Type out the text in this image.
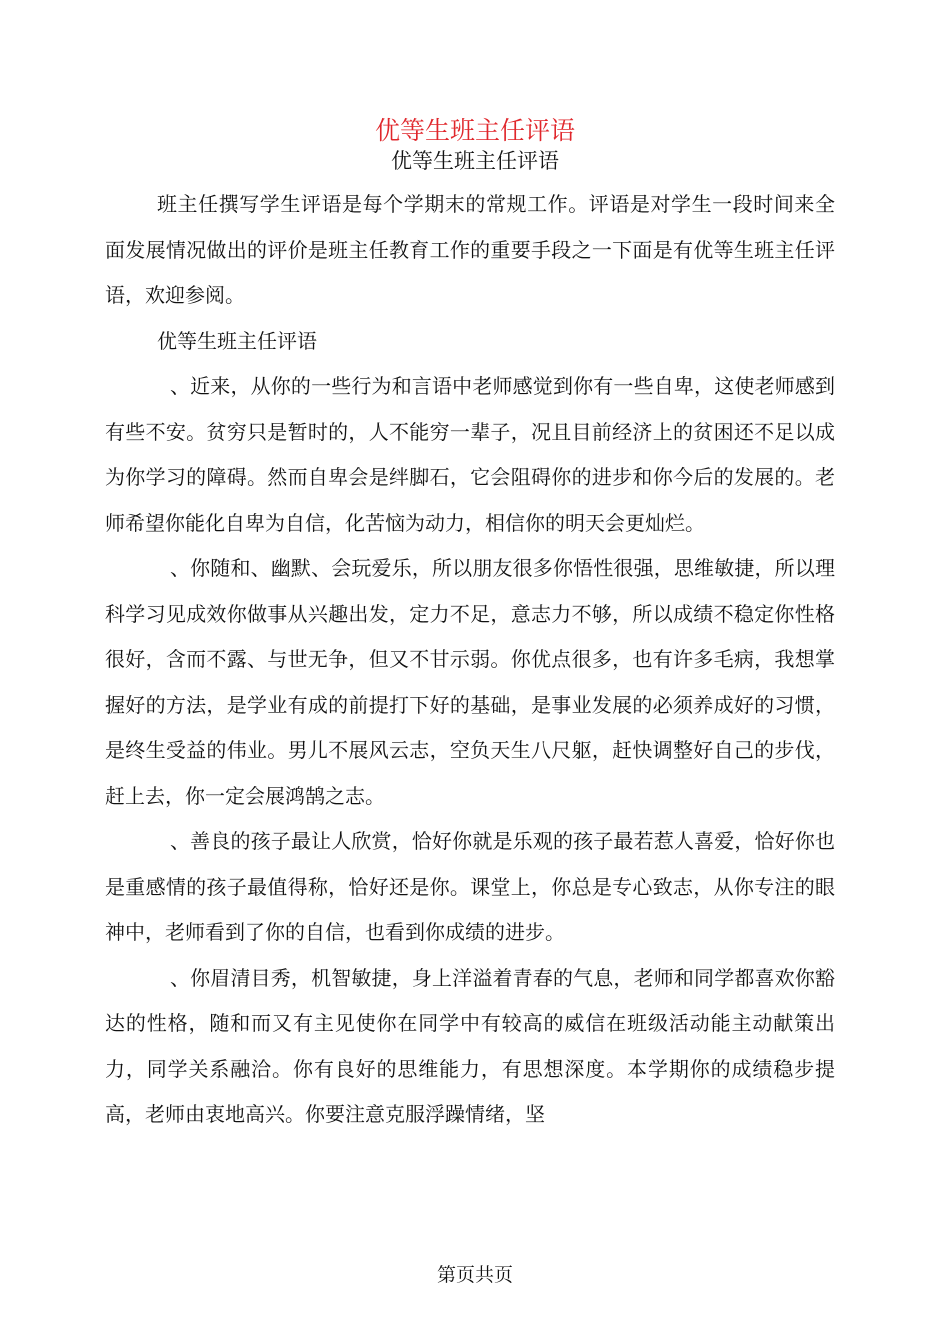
优等生班主任评语
优等生班主任评语

班主任撰写学生评语是每个学期末的常规工作。评语是对学生一段时间来全面发展情况做出的评价是班主任教育工作的重要手段之一下面是有优等生班主任评语，欢迎参阅。

优等生班主任评语

、近来，从你的一些行为和言语中老师感觉到你有一些自卑，这使老师感到有些不安。贫穷只是暂时的，人不能穷一辈子，况且目前经济上的贫困还不足以成为你学习的障碍。然而自卑会是绊脚石，它会阻碍你的进步和你今后的发展的。老师希望你能化自卑为自信，化苦恼为动力，相信你的明天会更灿烂。

、你随和、幽默、会玩爱乐，所以朋友很多你悟性很强，思维敏捷，所以理科学习见成效你做事从兴趣出发，定力不足，意志力不够，所以成绩不稳定你性格很好，含而不露、与世无争，但又不甘示弱。你优点很多，也有许多毛病，我想掌握好的方法，是学业有成的前提打下好的基础，是事业发展的必须养成好的习惯，是终生受益的伟业。男儿不展风云志，空负天生八尺躯，赶快调整好自己的步伐，赶上去，你一定会展鸿鹄之志。

、善良的孩子最让人欣赏，恰好你就是乐观的孩子最若惹人喜爱，恰好你也是重感情的孩子最值得称，恰好还是你。课堂上，你总是专心致志，从你专注的眼神中，老师看到了你的自信，也看到你成绩的进步。

、你眉清目秀，机智敏捷，身上洋溢着青春的气息，老师和同学都喜欢你豁达的性格，随和而又有主见使你在同学中有较高的威信在班级活动能主动献策出力，同学关系融洽。你有良好的思维能力，有思想深度。本学期你的成绩稳步提高，老师由衷地高兴。你要注意克服浮躁情绪，坚

第页共页
